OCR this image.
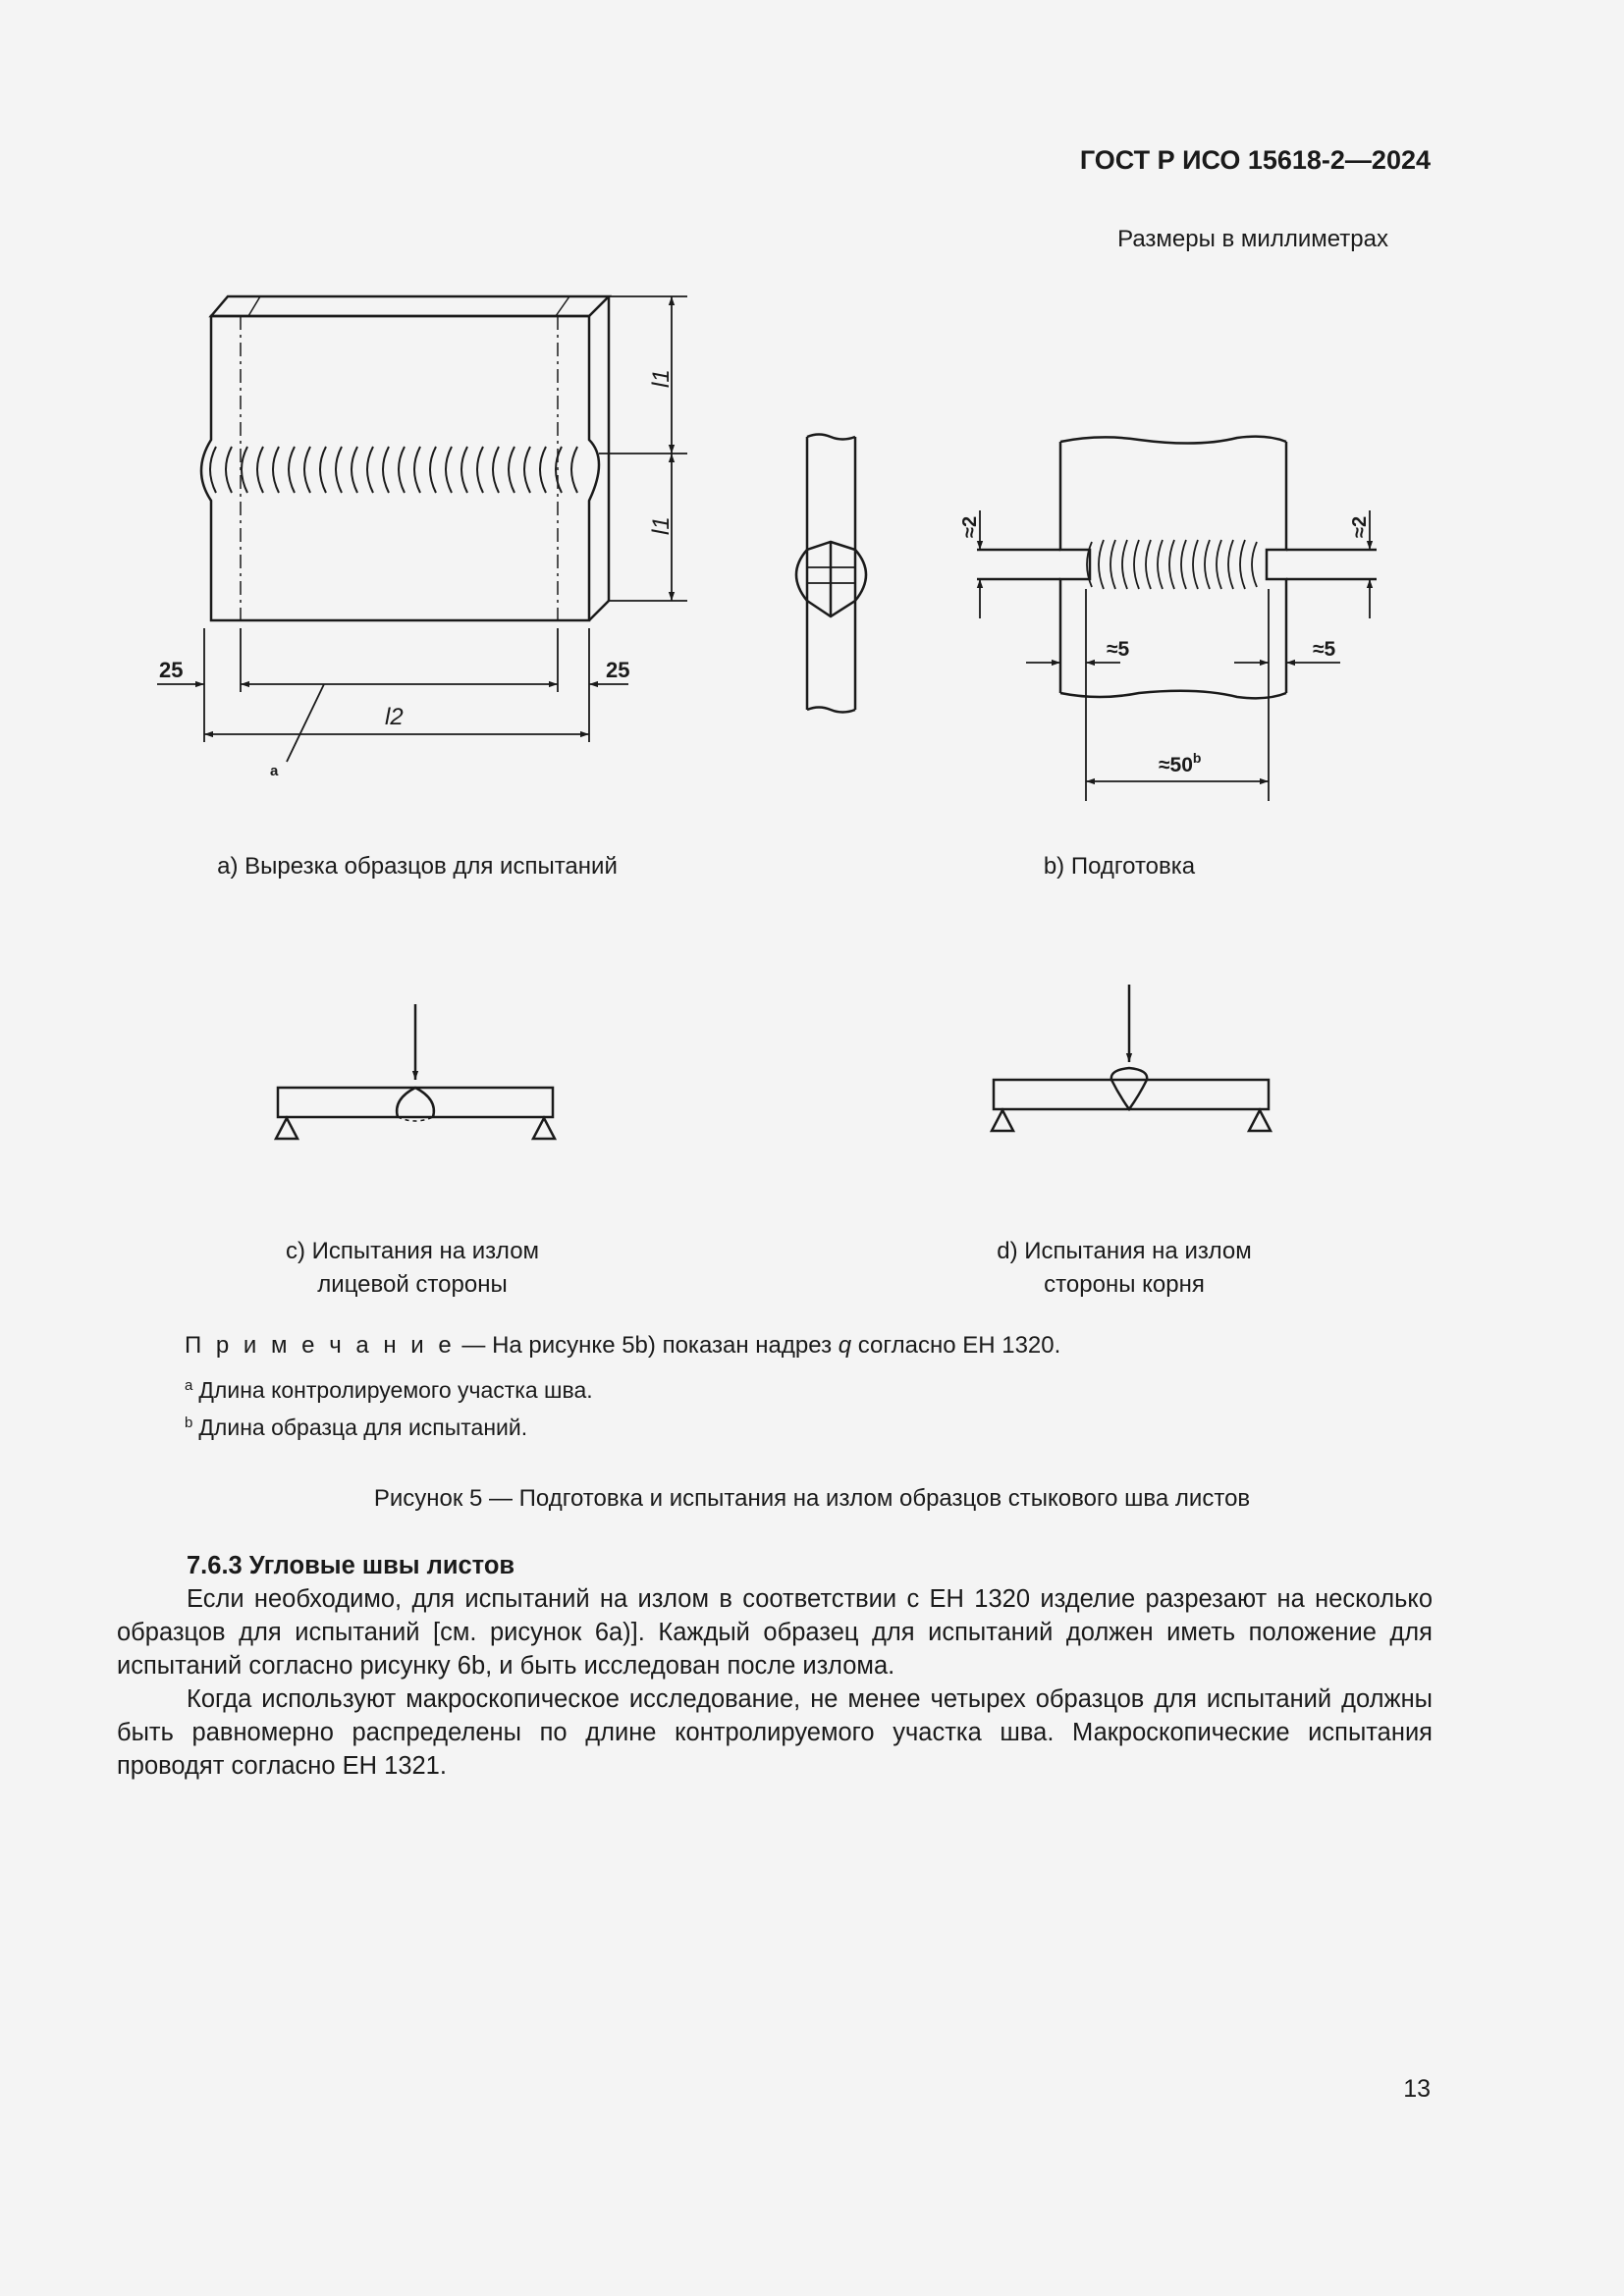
ГОСТ Р ИСО 15618-2—2024
Размеры в миллиметрах
25	25
l1
l1
l2
a
≈2	≈2
≈5	≈5
$\approx 50^b$
а) Вырезка образцов для испытаний	b) Подготовка
с) Испытания на излом
лицевой стороны
d) Испытания на излом
стороны корня
П р и м е ч а н и е — На рисунке 5b) показан надрез q согласно ЕН 1320.
$^a$ Длина контролируемого участка шва.
$^b$ Длина образца для испытаний.
Рисунок 5 — Подготовка и испытания на излом образцов стыкового шва листов
7.6.3 Угловые швы листов

Если необходимо, для испытаний на излом в соответствии с ЕН 1320 изделие разрезают на несколько образцов для испытаний [см. рисунок 6а)]. Каждый образец для испытаний должен иметь положение для испытаний согласно рисунку 6b, и быть исследован после излома.

Когда используют макроскопическое исследование, не менее четырех образцов для испытаний должны быть равномерно распределены по длине контролируемого участка шва. Макроскопические испытания проводят согласно ЕН 1321.

13
